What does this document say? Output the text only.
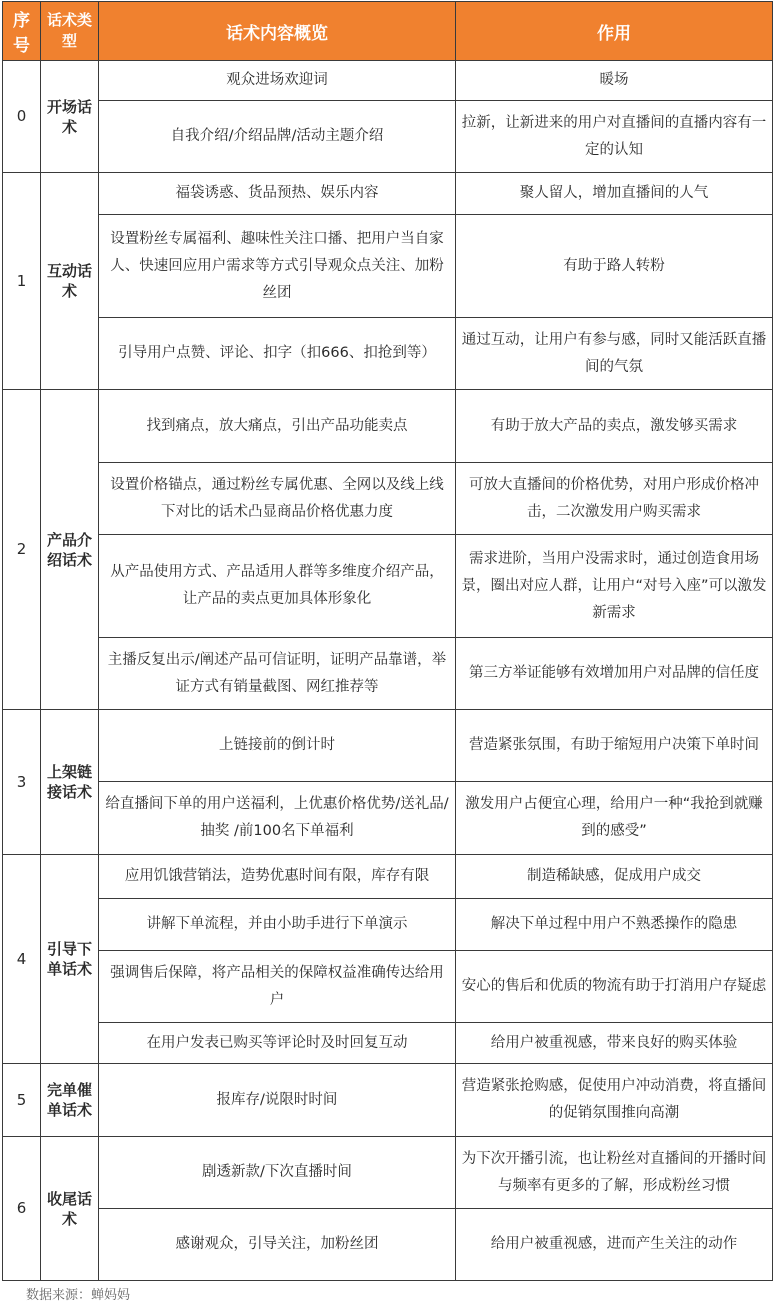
序号	话术类型	话术内容概览	作用
0	开场话术	观众进场欢迎词	暖场
		自我介绍/介绍品牌/活动主题介绍	拉新，让新进来的用户对直播间的直播内容有一定的认知
1	互动话术	福袋诱惑、货品预热、娱乐内容	聚人留人，增加直播间的人气
		设置粉丝专属福利、趣味性关注口播、把用户当自家人、快速回应用户需求等方式引导观众点关注、加粉丝团	有助于路人转粉
		引导用户点赞、评论、扣字（扣666、扣抢到等）	通过互动，让用户有参与感，同时又能活跃直播间的气氛
2	产品介绍话术	找到痛点，放大痛点，引出产品功能卖点	有助于放大产品的卖点，激发够买需求
		设置价格锚点，通过粉丝专属优惠、全网以及线上线下对比的话术凸显商品价格优惠力度	可放大直播间的价格优势，对用户形成价格冲击，二次激发用户购买需求
		从产品使用方式、产品适用人群等多维度介绍产品，让产品的卖点更加具体形象化	需求进阶，当用户没需求时，通过创造食用场景，圈出对应人群，让用户“对号入座”可以激发新需求
		主播反复出示/阐述产品可信证明，证明产品靠谱，举证方式有销量截图、网红推荐等	第三方举证能够有效增加用户对品牌的信任度
3	上架链接话术	上链接前的倒计时	营造紧张氛围，有助于缩短用户决策下单时间
		给直播间下单的用户送福利，上优惠价格优势/送礼品/抽奖 /前100名下单福利	激发用户占便宜心理，给用户一种“我抢到就赚到的感受”
4	引导下单话术	应用饥饿营销法，造势优惠时间有限，库存有限	制造稀缺感，促成用户成交
		讲解下单流程，并由小助手进行下单演示	解决下单过程中用户不熟悉操作的隐患
		强调售后保障，将产品相关的保障权益准确传达给用户	安心的售后和优质的物流有助于打消用户存疑虑
		在用户发表已购买等评论时及时回复互动	给用户被重视感，带来良好的购买体验
5	完单催单话术	报库存/说限时时间	营造紧张抢购感，促使用户冲动消费，将直播间的促销氛围推向高潮
6	收尾话术	剧透新款/下次直播时间	为下次开播引流，也让粉丝对直播间的开播时间与频率有更多的了解，形成粉丝习惯
		感谢观众，引导关注，加粉丝团	给用户被重视感，进而产生关注的动作
数据来源：蝉妈妈
